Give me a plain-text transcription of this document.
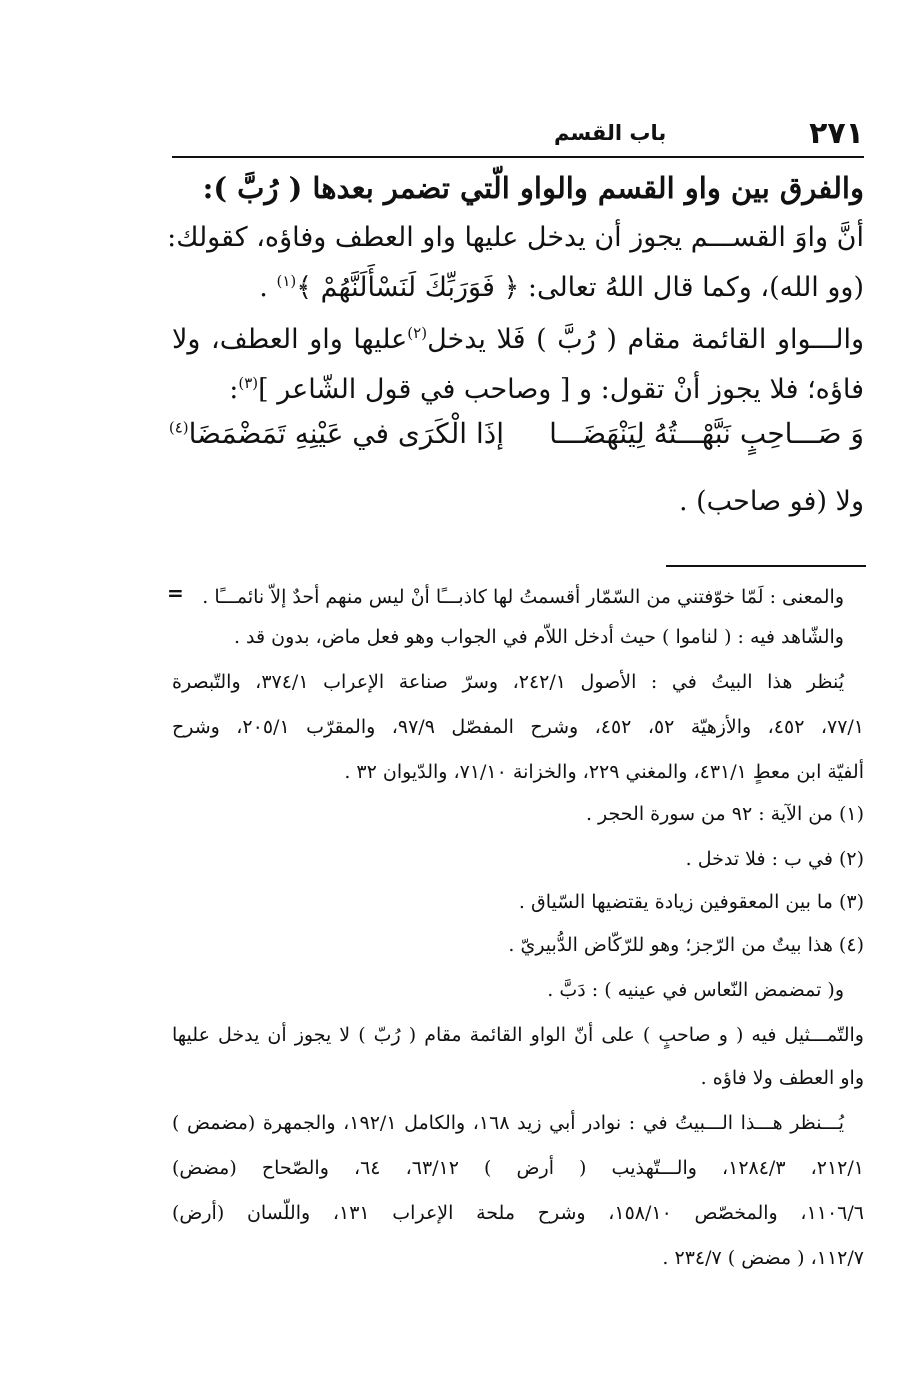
٢٧١
باب القسم
والفرق بين واو القسم والواو الّتي تضمر بعدها ( رُبَّ ):
أنَّ واوَ القســـم يجوز أن يدخل عليها واو العطف وفاؤه، كقولك:
(وو الله)، وكما قال اللهُ تعالى: ﴿ فَوَرَبِّكَ لَنَسْأَلَنَّهُمْ ﴾$^{(١)}$ .
والـــواو القائمة مقام ( رُبَّ ) فَلا يدخل$^{(٢)}$عليها واو العطف، ولا
فاؤه؛ فلا يجوز أنْ تقول: و [ وصاحب في قول الشّاعر ]$^{(٣)}$:
وَ صَـــاحِبٍ نَبَّهْـــتُهُ لِيَنْهَضَـــا
إذَا الْكَرَى في عَيْنِهِ تَمَضْمَضَا$^{(٤)}$
ولا (فو صاحب) .
= والمعنى : لَمّا خوّفتني من السّمّار أقسمتُ لها كاذبـــًا أنْ ليس منهم أحدٌ إلاّ نائمـــًا .
والشّاهد فيه : ( لناموا ) حيث أدخل اللاّم في الجواب وهو فعل ماض، بدون قد .
يُنظر هذا البيتُ في : الأصول ٢٤٢/١، وسرّ صناعة الإعراب ٣٧٤/١، والتّبصرة
٧٧/١، ٤٥٢، والأزهيّة ٥٢، ٤٥٢، وشرح المفصّل ٩٧/٩، والمقرّب ٢٠٥/١، وشرح
ألفيّة ابن معطٍ ٤٣١/١، والمغني ٢٢٩، والخزانة ٧١/١٠، والدّيوان ٣٢ .
(١) من الآية : ٩٢ من سورة الحجر .
(٢) في ب : فلا تدخل .
(٣) ما بين المعقوفين زيادة يقتضيها السّياق .
(٤) هذا بيتٌ من الرّجز؛ وهو للرّكّاض الدُّبيريّ .
و( تمضمض النّعاس في عينيه ) : دَبَّ .
والتّمـــثيل فيه ( و صاحبٍ ) على أنّ الواو القائمة مقام ( رُبّ ) لا يجوز أن يدخل عليها
واو العطف ولا فاؤه .
يُـــنظر هـــذا الـــبيتُ في : نوادر أبي زيد ١٦٨، والكامل ١٩٢/١، والجمهرة (مضمض )
٢١٢/١، ١٢٨٤/٣، والـــتّهذيب ( أرض ) ٦٣/١٢، ٦٤، والصّحاح (مضض)
١١٠٦/٦، والمخصّص ١٥٨/١٠، وشرح ملحة الإعراب ١٣١، واللّسان (أرض)
١١٢/٧، ( مضض ) ٢٣٤/٧ .
